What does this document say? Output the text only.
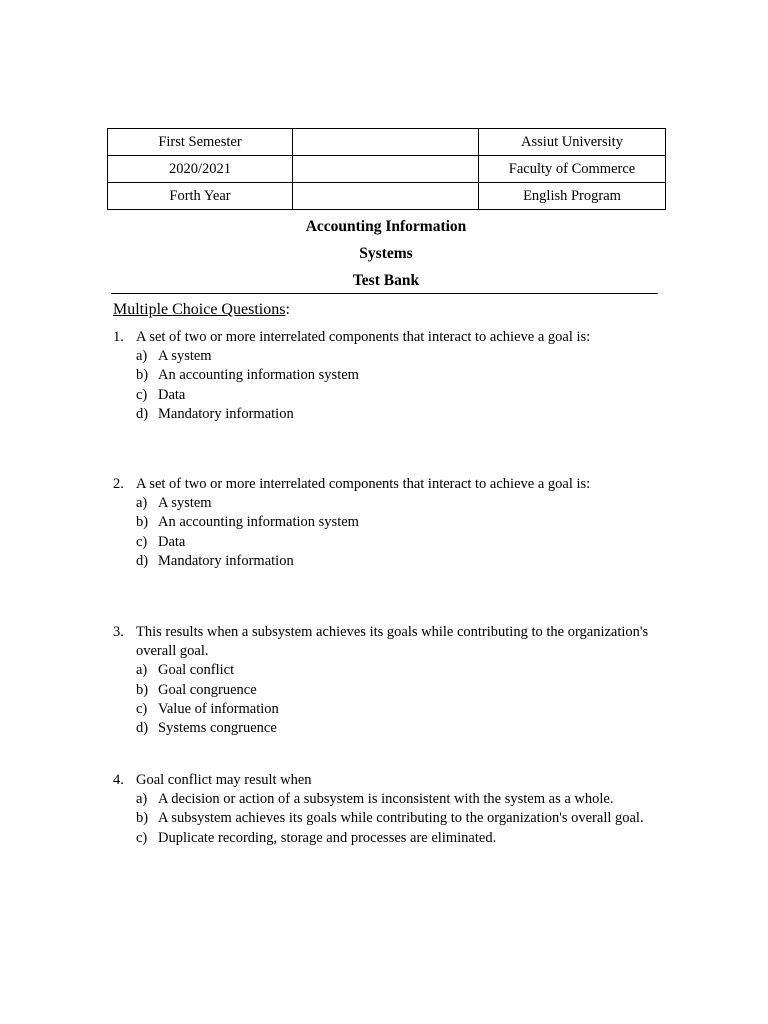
First Semester		Assiut University
2020/2021		Faculty of Commerce
Forth Year		English Program
Accounting Information
Systems
Test Bank
Multiple Choice Questions:
1. A set of two or more interrelated components that interact to achieve a goal is:
a) A system
b) An accounting information system
c) Data
d) Mandatory information
2. A set of two or more interrelated components that interact to achieve a goal is:
a) A system
b) An accounting information system
c) Data
d) Mandatory information
3. This results when a subsystem achieves its goals while contributing to the organization's overall goal.
a) Goal conflict
b) Goal congruence
c) Value of information
d) Systems congruence
4. Goal conflict may result when
a) A decision or action of a subsystem is inconsistent with the system as a whole.
b) A subsystem achieves its goals while contributing to the organization's overall goal.
c) Duplicate recording, storage and processes are eliminated.
